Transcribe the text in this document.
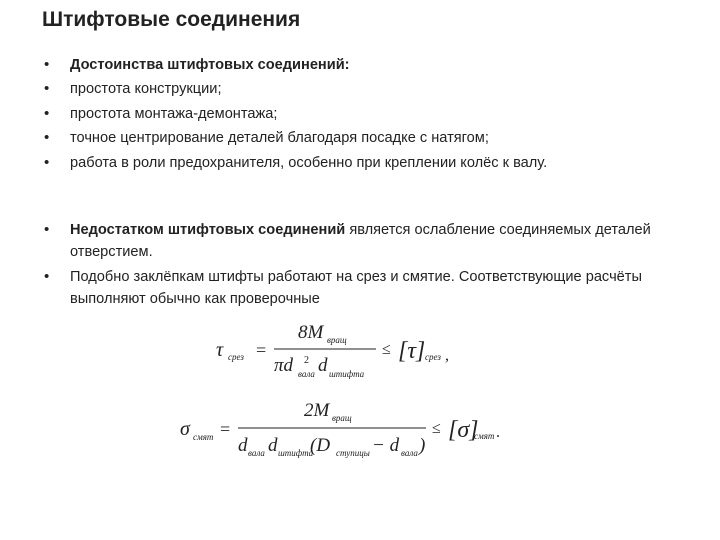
Штифтовые соединения
• Достоинства штифтовых соединений:
• простота конструкции;
• простота монтажа-демонтажа;
• точное центрирование деталей благодаря посадке с натягом;
• работа в роли предохранителя, особенно при креплении колёс к валу.
• Недостатком штифтовых соединений является ослабление соединяемых деталей отверстием.
• Подобно заклёпкам штифты работают на срез и смятие. Соответствующие расчёты выполняют обычно как проверочные
τ срез =
8M вращ
πd 2
вала d штифта
≤ [τ] срез ,
σ смят =
2M вращ
d вала d штифта
(D ступицы − d вала )
≤ [σ]
смят .
